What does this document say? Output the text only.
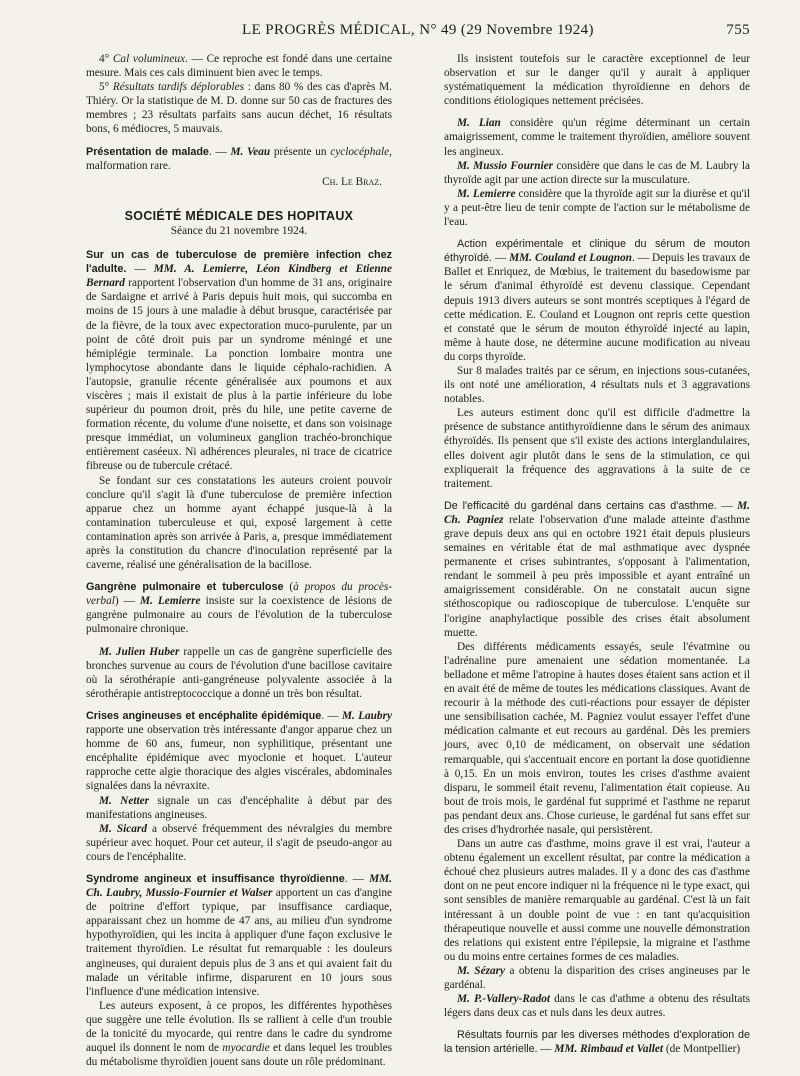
LE PROGRÈS MÉDICAL, N° 49 (29 Novembre 1924)	755

4° Cal volumineux. — Ce reproche est fondé dans une certaine mesure. Mais ces cals diminuent bien avec le temps.

5° Résultats tardifs déplorables : dans 80 % des cas d'après M. Thiéry. Or la statistique de M. D. donne sur 50 cas de fractures des membres ; 23 résultats parfaits sans aucun déchet, 16 résultats bons, 6 médiocres, 5 mauvais.

Présentation de malade. — M. Veau présente un cyclocéphale, malformation rare.

Ch. Le Braz.
SOCIÉTÉ MÉDICALE DES HOPITAUX
Séance du 21 novembre 1924.

Sur un cas de tuberculose de première infection chez l'adulte. — MM. A. Lemierre, Léon Kindberg et Etienne Bernard rapportent l'observation d'un homme de 31 ans, originaire de Sardaigne et arrivé à Paris depuis huit mois, qui succomba en moins de 15 jours à une maladie à début brusque, caractérisée par de la fièvre, de la toux avec expectoration muco-purulente, par un point de côté droit puis par un syndrome méningé et une hémiplégie terminale. La ponction lombaire montra une lymphocytose abondante dans le liquide céphalo-rachidien. A l'autopsie, granulie récente généralisée aux poumons et aux viscères ; mais il existait de plus à la partie inférieure du lobe supérieur du poumon droit, près du hile, une petite caverne de formation récente, du volume d'une noisette, et dans son voisinage presque immédiat, un volumineux ganglion trachéo-bronchique entièrement caséeux. Ni adhérences pleurales, ni trace de cicatrice fibreuse ou de tubercule crétacé.

Se fondant sur ces constatations les auteurs croient pouvoir conclure qu'il s'agit là d'une tuberculose de première infection apparue chez un homme ayant échappé jusque-là à la contamination tuberculeuse et qui, exposé largement à cette contamination après son arrivée à Paris, a, presque immédiatement après la constitution du chancre d'inoculation représenté par la caverne, réalisé une généralisation de la bacillose.

Gangrène pulmonaire et tuberculose (à propos du procès-verbal) — M. Lemierre insiste sur la coexistence de lésions de gangrène pulmonaire au cours de l'évolution de la tuberculose pulmonaire chronique.

M. Julien Huber rappelle un cas de gangrène superficielle des bronches survenue au cours de l'évolution d'une bacillose cavitaire où la sérothérapie anti-gangréneuse polyvalente associée à la sérothérapie antistreptococcique a donné un très bon résultat.

Crises angineuses et encéphalite épidémique. — M. Laubry rapporte une observation très intéressante d'angor apparue chez un homme de 60 ans, fumeur, non syphilitique, présentant une encéphalite épidémique avec myoclonie et hoquet. L'auteur rapproche cette algie thoracique des algies viscérales, abdominales signalées dans la névraxite.

M. Netter signale un cas d'encéphalite à début par des manifestations angineuses.

M. Sicard a observé fréquemment des névralgies du membre supérieur avec hoquet. Pour cet auteur, il s'agit de pseudo-angor au cours de l'encéphalite.

Syndrome angineux et insuffisance thyroïdienne. — MM. Ch. Laubry, Mussio-Fournier et Walser apportent un cas d'angine de poitrine d'effort typique, par insuffisance cardiaque, apparaissant chez un homme de 47 ans, au milieu d'un syndrome hypothyroïdien, qui les incita à appliquer d'une façon exclusive le traitement thyroïdien. Le résultat fut remarquable : les douleurs angineuses, qui duraient depuis plus de 3 ans et qui avaient fait du malade un véritable infirme, disparurent en 10 jours sous l'influence d'une médication intensive.

Les auteurs exposent, à ce propos, les différentes hypothèses que suggère une telle évolution. Ils se rallient à celle d'un trouble de la tonicité du myocarde, qui rentre dans le cadre du syndrome auquel ils donnent le nom de myocardie et dans lequel les troubles du métabolisme thyroïdien jouent sans doute un rôle prédominant.

Ils insistent toutefois sur le caractère exceptionnel de leur observation et sur le danger qu'il y aurait à appliquer systématiquement la médication thyroïdienne en dehors de conditions étiologiques nettement précisées.

M. Lian considère qu'un régime déterminant un certain amaigrissement, comme le traitement thyroïdien, améliore souvent les angineux.

M. Mussio Fournier considère que dans le cas de M. Laubry la thyroïde agit par une action directe sur la musculature.

M. Lemierre considère que la thyroïde agit sur la diurèse et qu'il y a peut-être lieu de tenir compte de l'action sur le métabolisme de l'eau.

Action expérimentale et clinique du sérum de mouton éthyroïdé. — MM. Couland et Lougnon. — Depuis les travaux de Ballet et Enriquez, de Mœbius, le traitement du basedowisme par le sérum d'animal éthyroïdé est devenu classique. Cependant depuis 1913 divers auteurs se sont montrés sceptiques à l'égard de cette médication. E. Couland et Lougnon ont repris cette question et constaté que le sérum de mouton éthyroïdé injecté au lapin, même à haute dose, ne détermine aucune modification au niveau du corps thyroïde.

Sur 8 malades traités par ce sérum, en injections sous-cutanées, ils ont noté une amélioration, 4 résultats nuls et 3 aggravations notables.

Les auteurs estiment donc qu'il est difficile d'admettre la présence de substance antithyroïdienne dans le sérum des animaux éthyroïdés. Ils pensent que s'il existe des actions interglandulaires, elles doivent agir plutôt dans le sens de la stimulation, ce qui expliquerait la fréquence des aggravations à la suite de ce traitement.

De l'efficacité du gardénal dans certains cas d'asthme. — M. Ch. Pagniez relate l'observation d'une malade atteinte d'asthme grave depuis deux ans qui en octobre 1921 était depuis plusieurs semaines en véritable état de mal asthmatique avec dyspnée permanente et crises subintrantes, s'opposant à l'alimentation, rendant le sommeil à peu près impossible et ayant entraîné un amaigrissement considérable. On ne constatait aucun signe stéthoscopique ou radioscopique de tuberculose. L'enquête sur l'origine anaphylactique possible des crises était absolument muette.

Des différents médicaments essayés, seule l'évatmine ou l'adrénaline pure amenaient une sédation momentanée. La belladone et même l'atropine à hautes doses étaient sans action et il en avait été de même de toutes les médications classiques. Avant de recourir à la méthode des cuti-réactions pour essayer de dépister une sensibilisation cachée, M. Pagniez voulut essayer l'effet d'une médication calmante et eut recours au gardénal. Dès les premiers jours, avec 0,10 de médicament, on observait une sédation remarquable, qui s'accentuait encore en portant la dose quotidienne à 0,15. En un mois environ, toutes les crises d'asthme avaient disparu, le sommeil était revenu, l'alimentation était copieuse. Au bout de trois mois, le gardénal fut supprimé et l'asthme ne reparut pas pendant deux ans. Chose curieuse, le gardénal fut sans effet sur des crises d'hydrorhée nasale, qui persistèrent.

Dans un autre cas d'asthme, moins grave il est vrai, l'auteur a obtenu également un excellent résultat, par contre la médication a échoué chez plusieurs autres malades. Il y a donc des cas d'asthme dont on ne peut encore indiquer ni la fréquence ni le type exact, qui sont sensibles de manière remarquable au gardénal. C'est là un fait intéressant à un double point de vue : en tant qu'acquisition thérapeutique nouvelle et aussi comme une nouvelle démonstration des relations qui existent entre l'épilepsie, la migraine et l'asthme ou du moins entre certaines formes de ces maladies.

M. Sézary a obtenu la disparition des crises angineuses par le gardénal.

M. P.-Vallery-Radot dans le cas d'athme a obtenu des résultats légers dans deux cas et nuls dans les deux autres.

Résultats fournis par les diverses méthodes d'exploration de la tension artérielle. — MM. Rimbaud et Vallet (de Montpellier)
